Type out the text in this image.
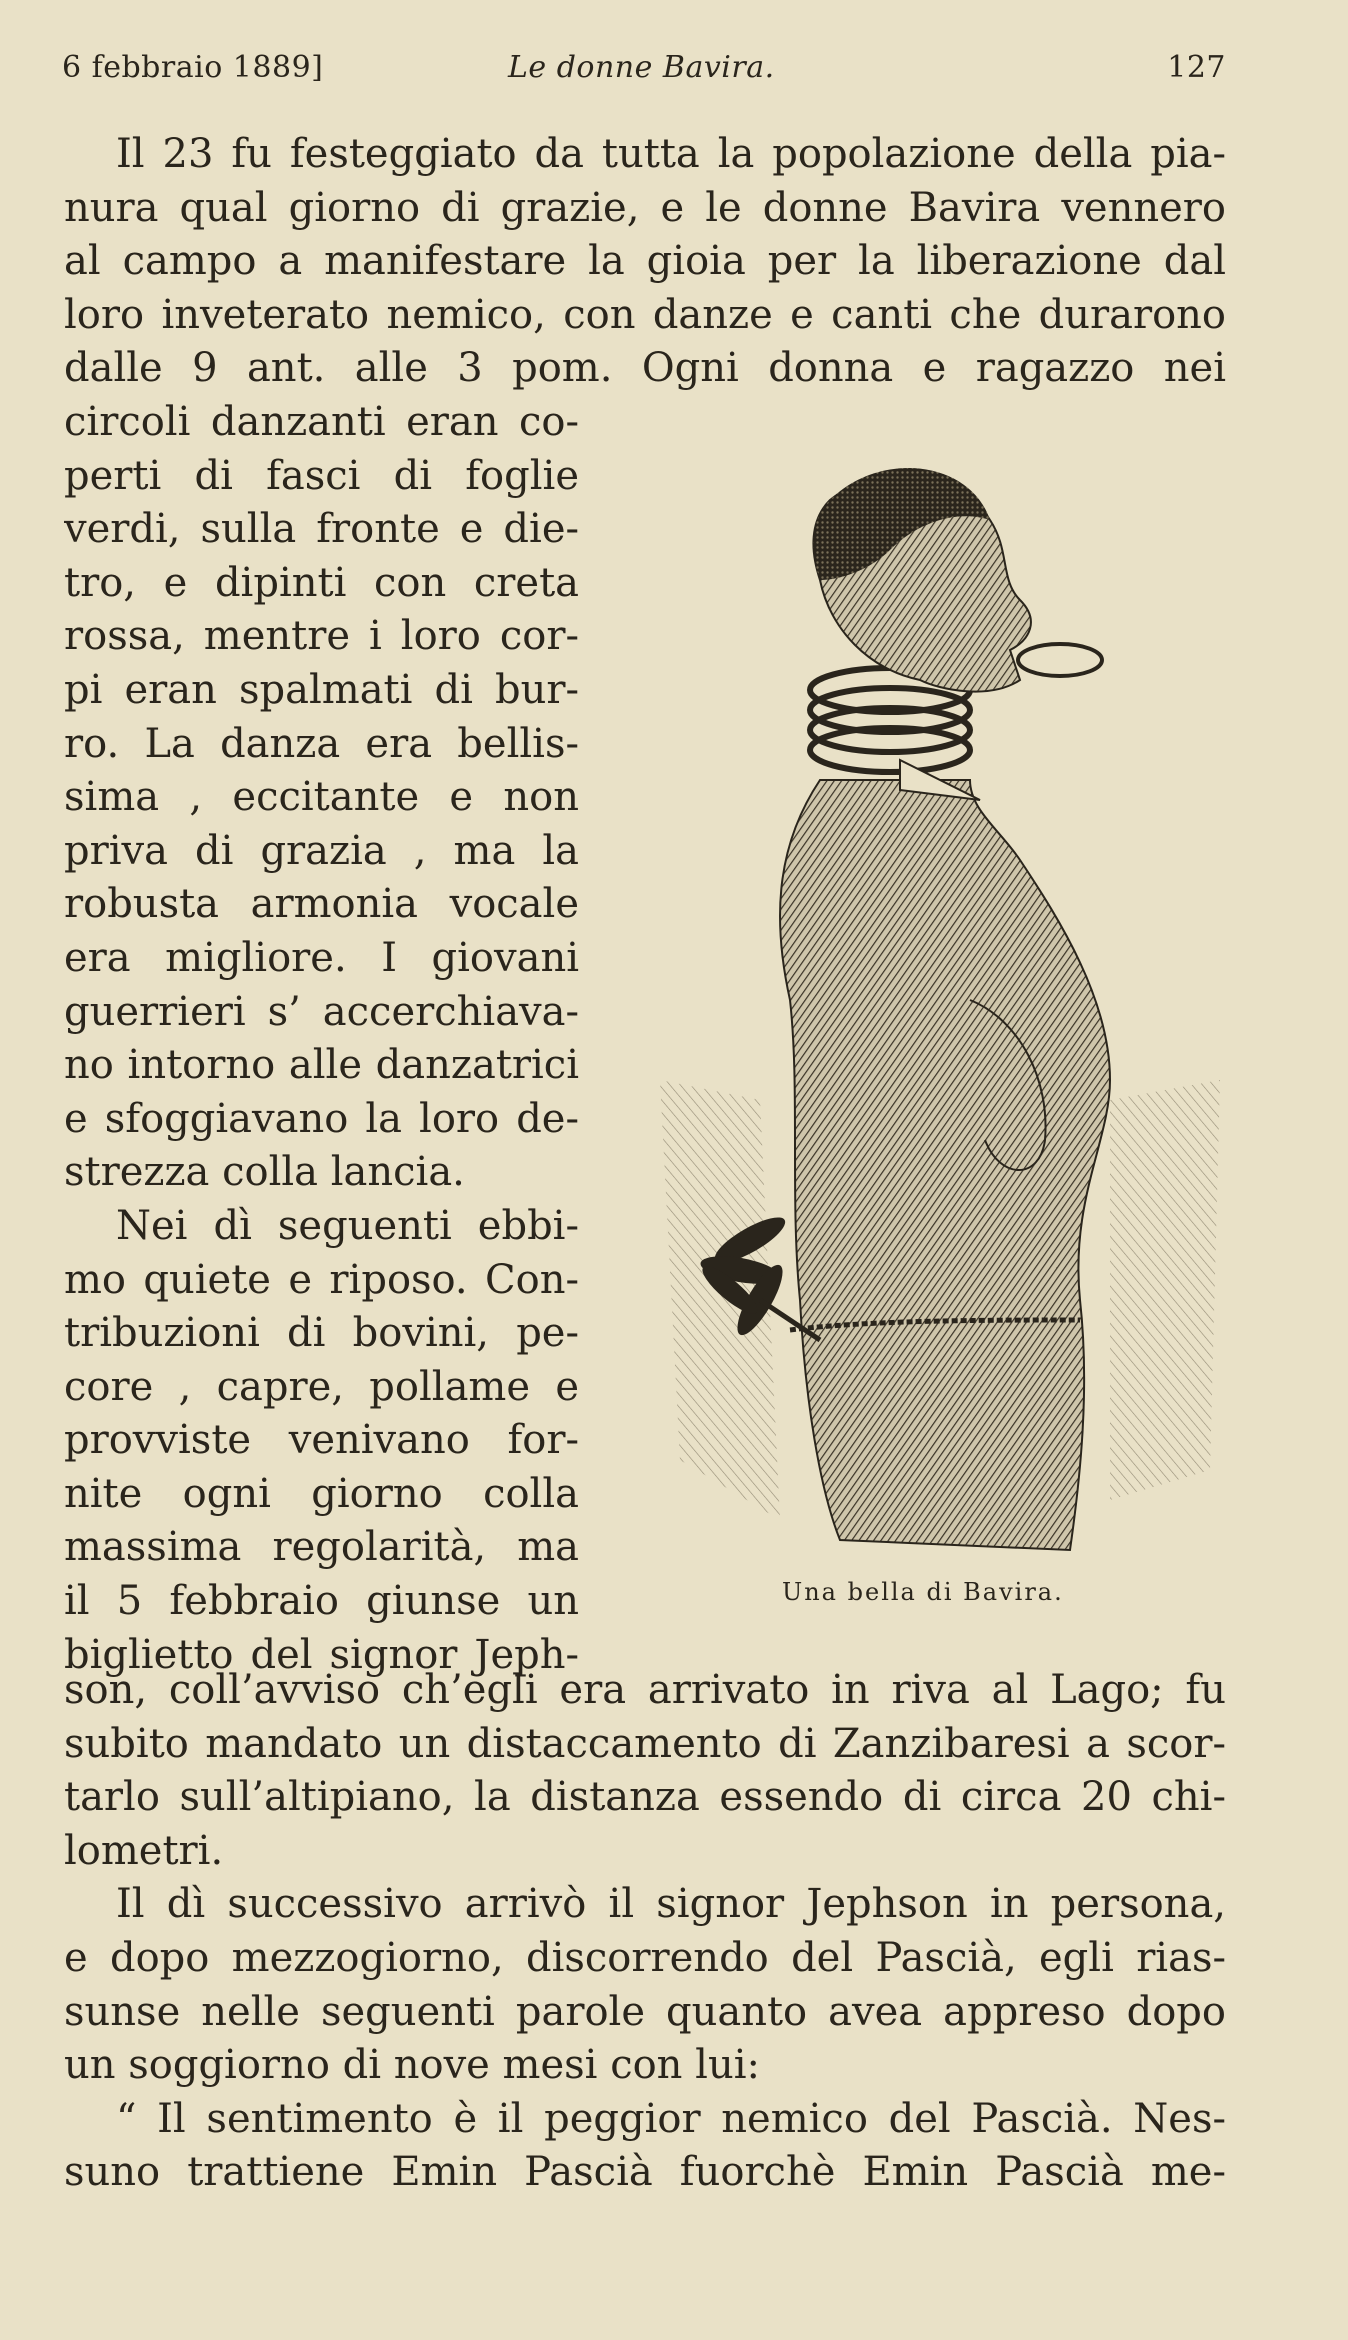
6 febbraio 1889]	Le donne Bavira.	127
Il 23 fu festeggiato da tutta la popolazione della pia-
nura qual giorno di grazie, e le donne Bavira vennero
al campo a manifestare la gioia per la liberazione dal
loro inveterato nemico, con danze e canti che durarono
dalle 9 ant. alle 3 pom. Ogni donna e ragazzo nei
circoli danzanti eran co-
perti di fasci di foglie
verdi, sulla fronte e die-
tro, e dipinti con creta
rossa, mentre i loro cor-
pi eran spalmati di bur-
ro. La danza era bellis-
sima , eccitante e non
priva di grazia , ma la
robusta armonia vocale
era migliore. I giovani
guerrieri s’ accerchiava-
no intorno alle danzatrici
e sfoggiavano la loro de-
strezza colla lancia.
Nei dì seguenti ebbi-
mo quiete e riposo. Con-
tribuzioni di bovini, pe-
core , capre, pollame e
provviste venivano for-
nite ogni giorno colla
massima regolarità, ma
il 5 febbraio giunse un
biglietto del signor Jeph-
Una bella di Bavira.
son, coll’avviso ch’egli era arrivato in riva al Lago; fu
subito mandato un distaccamento di Zanzibaresi a scor-
tarlo sull’altipiano, la distanza essendo di circa 20 chi-
lometri.
Il dì successivo arrivò il signor Jephson in persona,
e dopo mezzogiorno, discorrendo del Pascià, egli rias-
sunse nelle seguenti parole quanto avea appreso dopo
un soggiorno di nove mesi con lui:
“ Il sentimento è il peggior nemico del Pascià. Nes-
suno trattiene Emin Pascià fuorchè Emin Pascià me-
